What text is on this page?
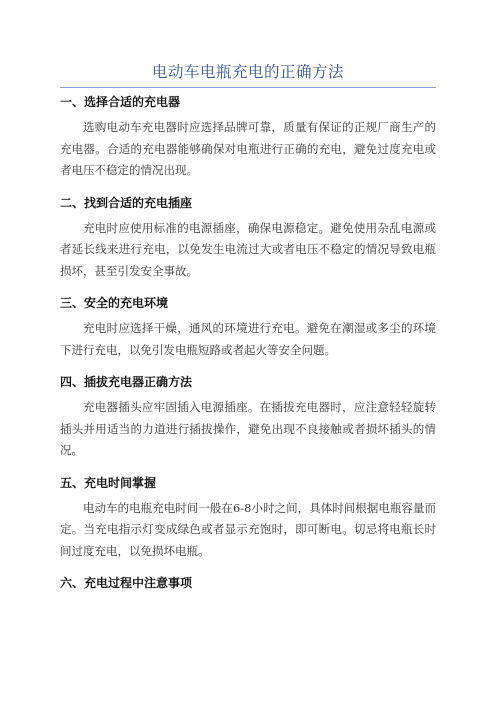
电动车电瓶充电的正确方法
一、选择合适的充电器

选购电动车充电器时应选择品牌可靠，质量有保证的正规厂商生产的充电器。合适的充电器能够确保对电瓶进行正确的充电，避免过度充电或者电压不稳定的情况出现。

二、找到合适的充电插座

充电时应使用标准的电源插座，确保电源稳定。避免使用杂乱电源或者延长线来进行充电，以免发生电流过大或者电压不稳定的情况导致电瓶损坏，甚至引发安全事故。

三、安全的充电环境

充电时应选择干燥，通风的环境进行充电。避免在潮湿或多尘的环境下进行充电，以免引发电瓶短路或者起火等安全问题。

四、插拔充电器正确方法

充电器插头应牢固插入电源插座。在插拔充电器时，应注意轻轻旋转插头并用适当的力道进行插拔操作，避免出现不良接触或者损坏插头的情况。

五、充电时间掌握

电动车的电瓶充电时间一般在6-8小时之间，具体时间根据电瓶容量而定。当充电指示灯变成绿色或者显示充饱时，即可断电。切忌将电瓶长时间过度充电，以免损坏电瓶。

六、充电过程中注意事项
